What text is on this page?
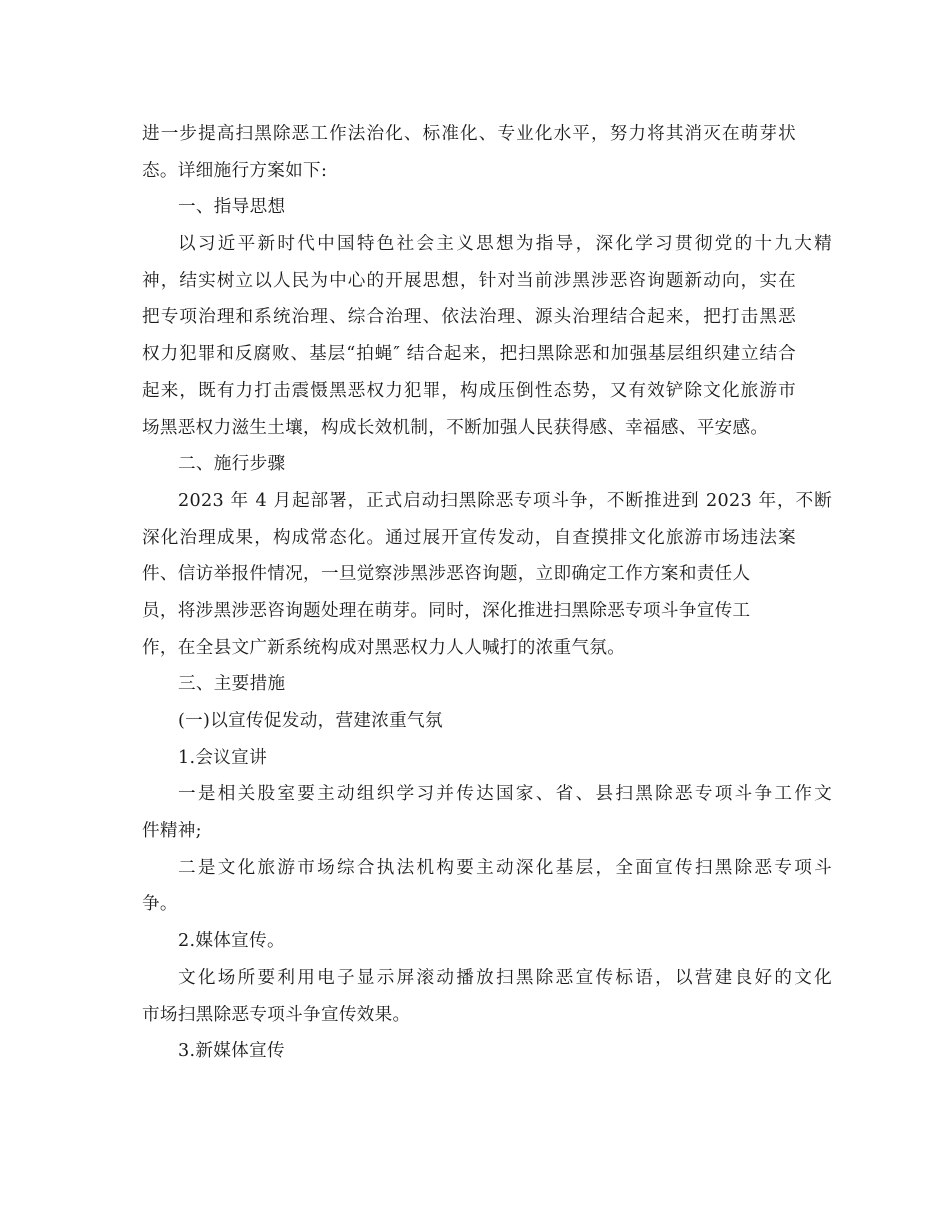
进一步提高扫黑除恶工作法治化、标准化、专业化水平，努力将其消灭在萌芽状
态。详细施行方案如下:
一、指导思想
以习近平新时代中国特色社会主义思想为指导，深化学习贯彻党的十九大精
神，结实树立以人民为中心的开展思想，针对当前涉黑涉恶咨询题新动向，实在
把专项治理和系统治理、综合治理、依法治理、源头治理结合起来，把打击黑恶
权力犯罪和反腐败、基层“拍蝇″ 结合起来，把扫黑除恶和加强基层组织建立结合
起来，既有力打击震慑黑恶权力犯罪，构成压倒性态势，又有效铲除文化旅游市
场黑恶权力滋生土壤，构成长效机制，不断加强人民获得感、幸福感、平安感。
二、施行步骤
2023 年 4 月起部署，正式启动扫黑除恶专项斗争，不断推进到 2023 年，不断
深化治理成果，构成常态化。通过展开宣传发动，自查摸排文化旅游市场违法案
件、信访举报件情况，一旦觉察涉黑涉恶咨询题，立即确定工作方案和责任人
员，将涉黑涉恶咨询题处理在萌芽。同时，深化推进扫黑除恶专项斗争宣传工
作，在全县文广新系统构成对黑恶权力人人喊打的浓重气氛。
三、主要措施
(一)以宣传促发动，营建浓重气氛
1.会议宣讲
一是相关股室要主动组织学习并传达国家、省、县扫黑除恶专项斗争工作文
件精神;
二是文化旅游市场综合执法机构要主动深化基层，全面宣传扫黑除恶专项斗
争。
2.媒体宣传。
文化场所要利用电子显示屏滚动播放扫黑除恶宣传标语，以营建良好的文化
市场扫黑除恶专项斗争宣传效果。
3.新媒体宣传
